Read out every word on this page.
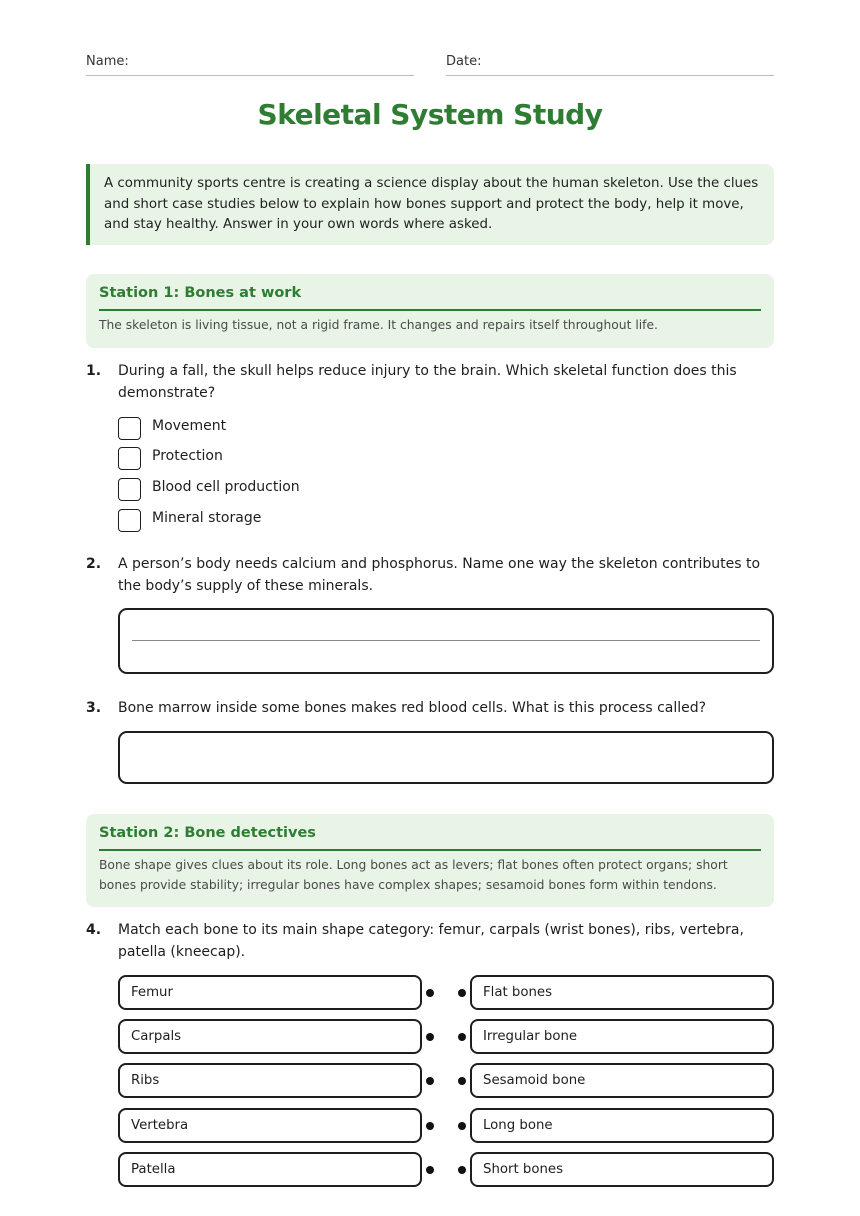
Name:	Date:
Skeletal System Study
A community sports centre is creating a science display about the human skeleton. Use the clues and short case studies below to explain how bones support and protect the body, help it move, and stay healthy. Answer in your own words where asked.
Station 1: Bones at work
The skeleton is living tissue, not a rigid frame. It changes and repairs itself throughout life.
1. During a fall, the skull helps reduce injury to the brain. Which skeletal function does this demonstrate?
Movement
Protection
Blood cell production
Mineral storage
2. A person’s body needs calcium and phosphorus. Name one way the skeleton contributes to the body’s supply of these minerals.
3. Bone marrow inside some bones makes red blood cells. What is this process called?
Station 2: Bone detectives
Bone shape gives clues about its role. Long bones act as levers; flat bones often protect organs; short bones provide stability; irregular bones have complex shapes; sesamoid bones form within tendons.
4. Match each bone to its main shape category: femur, carpals (wrist bones), ribs, vertebra, patella (kneecap).
Femur	Flat bones
Carpals	Irregular bone
Ribs	Sesamoid bone
Vertebra	Long bone
Patella	Short bones
